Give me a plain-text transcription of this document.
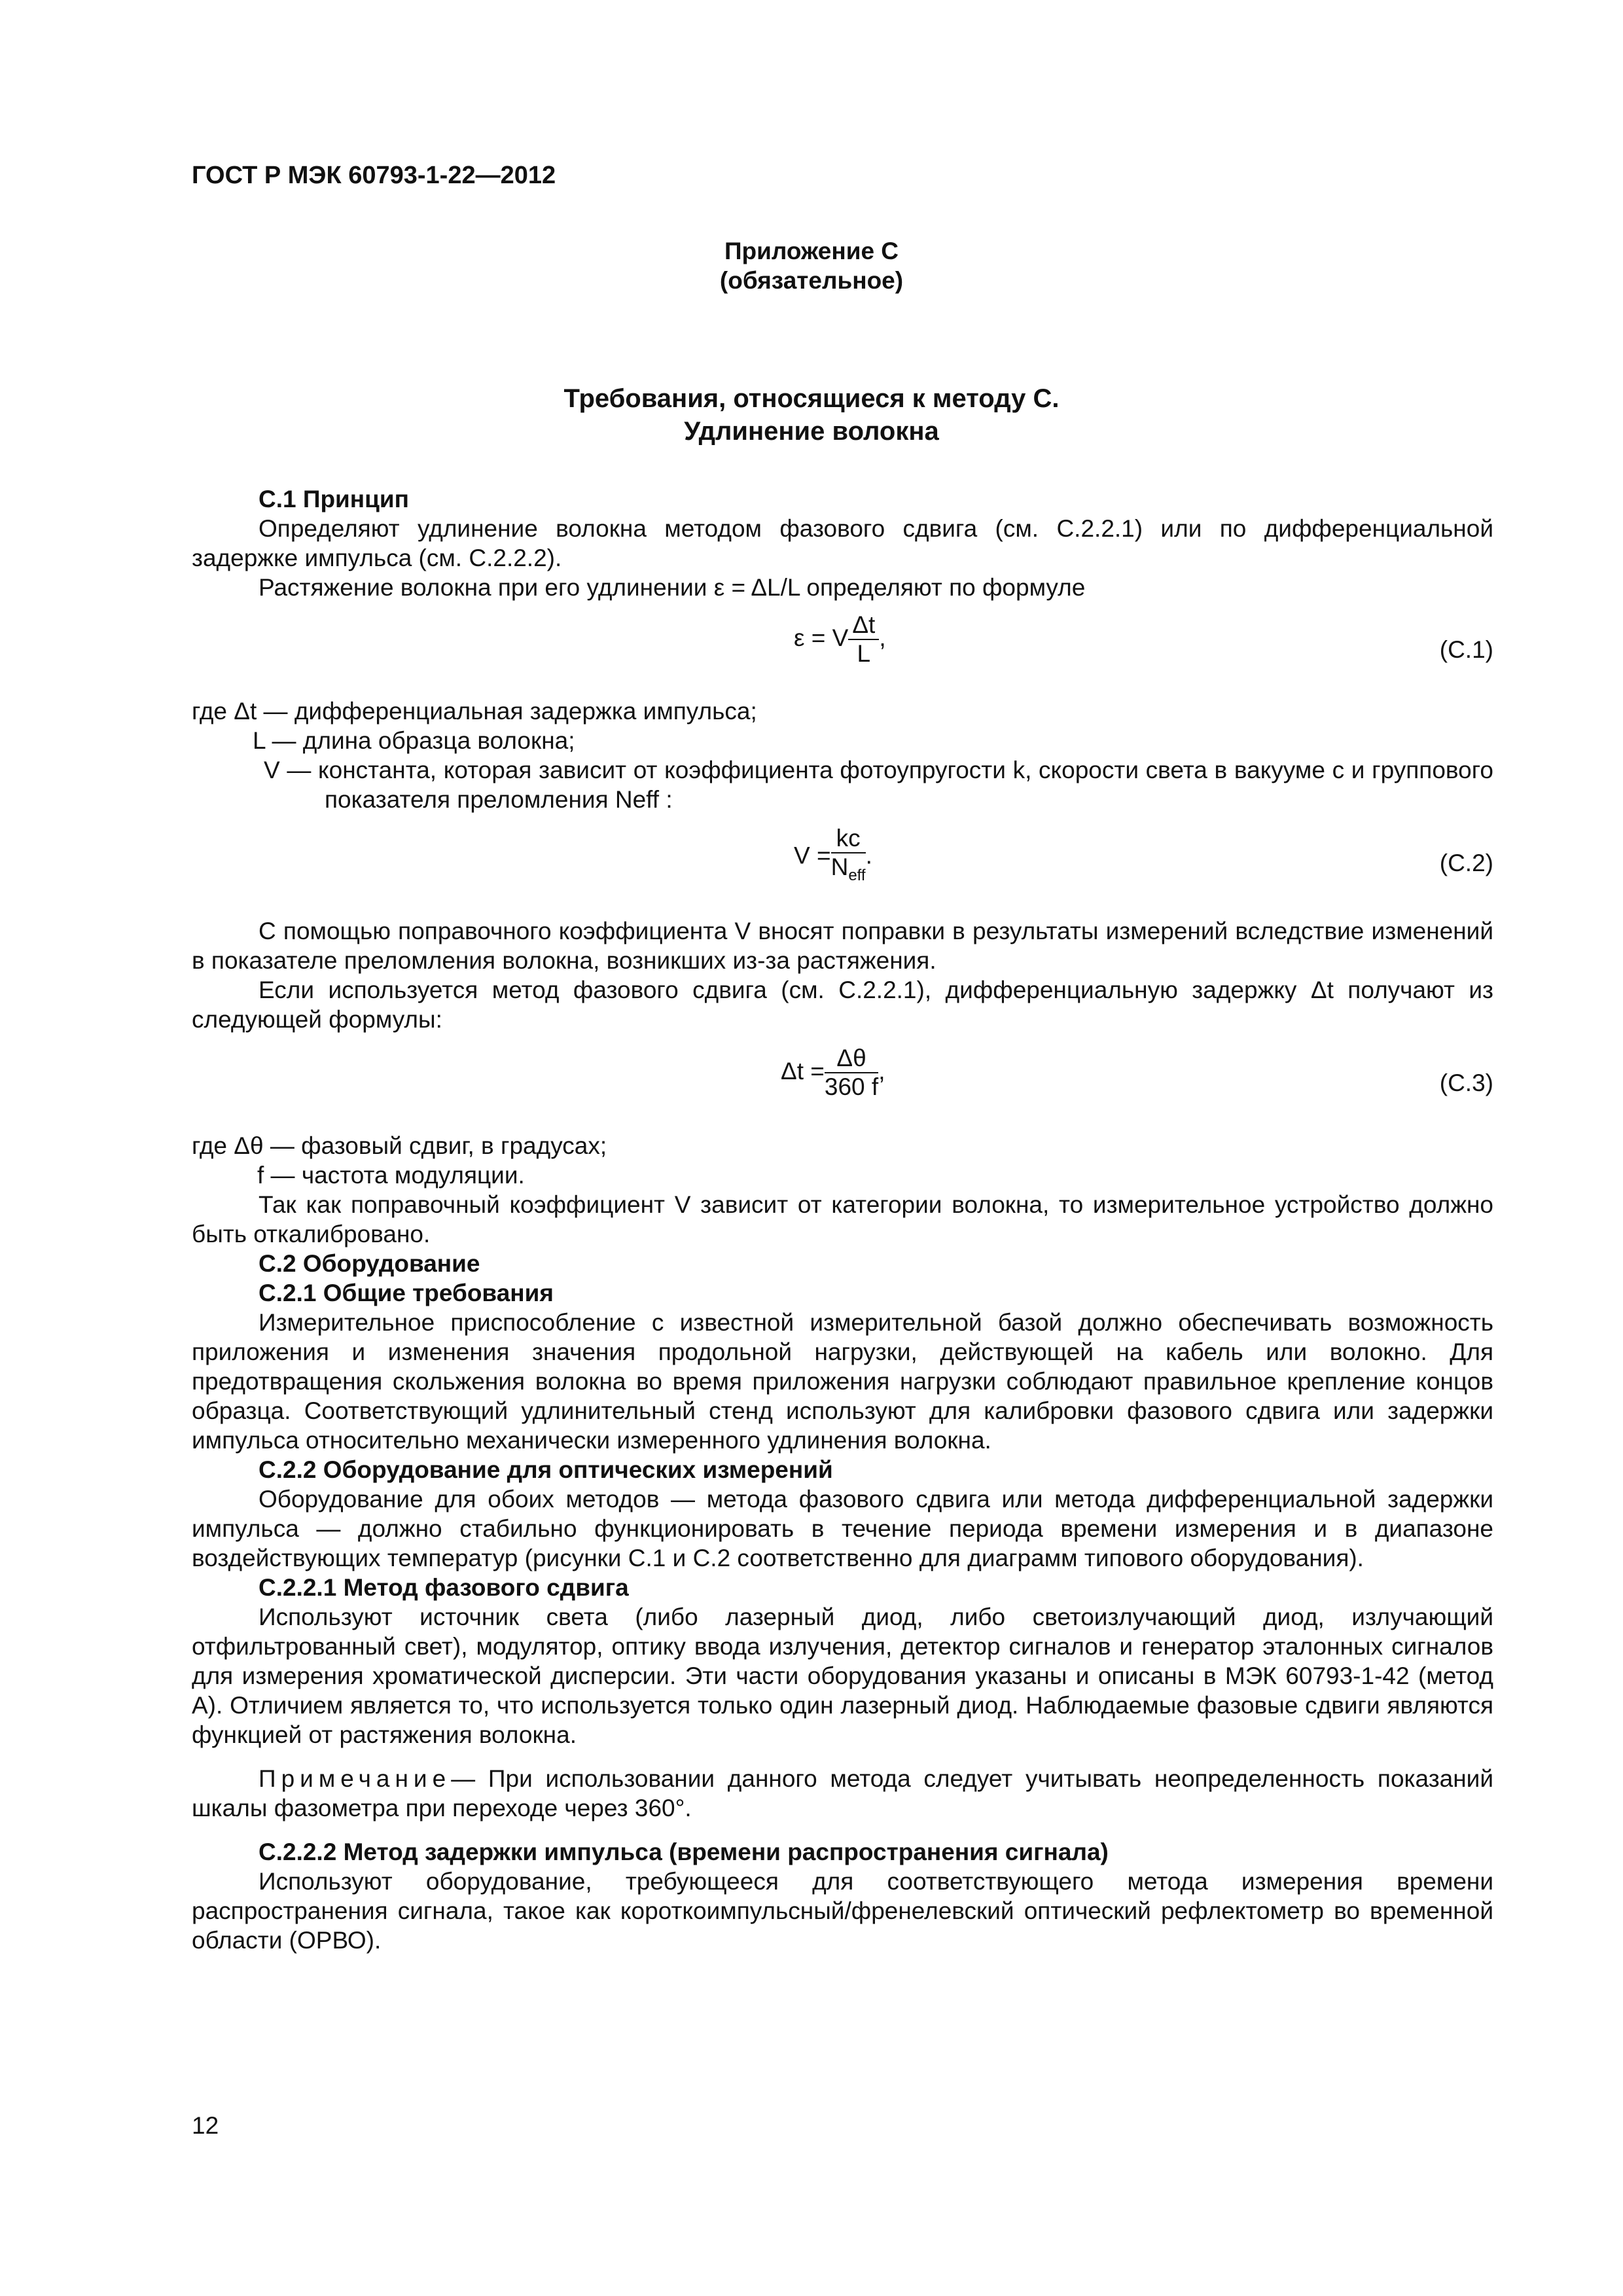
ГОСТ Р МЭК 60793-1-22—2012
Приложение С
(обязательное)
Требования, относящиеся к методу С.
Удлинение волокна

С.1 Принцип

Определяют удлинение волокна методом фазового сдвига (см. С.2.2.1) или по дифференциальной задержке импульса (см. С.2.2.2).

Растяжение волокна при его удлинении ε = ΔL/L определяют по формуле

ε = V $\frac{\Delta t}{L}$ ,	(С.1)

где Δt — дифференциальная задержка импульса;

L — длина образца волокна;

V — константа, которая зависит от коэффициента фотоупругости k, скорости света в вакууме c и группового показателя преломления Neff :

$V = \frac{kc}{N_{eff}}$ .	(С.2)

С помощью поправочного коэффициента V вносят поправки в результаты измерений вследствие изменений в показателе преломления волокна, возникших из-за растяжения.

Если используется метод фазового сдвига (см. С.2.2.1), дифференциальную задержку Δt получают из следующей формулы:

$\Delta t = \frac{\Delta\theta}{360 f}$ ,	(С.3)

где Δθ — фазовый сдвиг, в градусах;

f — частота модуляции.

Так как поправочный коэффициент V зависит от категории волокна, то измерительное устройство должно быть откалибровано.

С.2 Оборудование

С.2.1 Общие требования

Измерительное приспособление с известной измерительной базой должно обеспечивать возможность приложения и изменения значения продольной нагрузки, действующей на кабель или волокно. Для предотвращения скольжения волокна во время приложения нагрузки соблюдают правильное крепление концов образца. Соответствующий удлинительный стенд используют для калибровки фазового сдвига или задержки импульса относительно механически измеренного удлинения волокна.

С.2.2 Оборудование для оптических измерений

Оборудование для обоих методов — метода фазового сдвига или метода дифференциальной задержки импульса — должно стабильно функционировать в течение периода времени измерения и в диапазоне воздействующих температур (рисунки С.1 и С.2 соответственно для диаграмм типового оборудования).

С.2.2.1 Метод фазового сдвига

Используют источник света (либо лазерный диод, либо светоизлучающий диод, излучающий отфильтрованный свет), модулятор, оптику ввода излучения, детектор сигналов и генератор эталонных сигналов для измерения хроматической дисперсии. Эти части оборудования указаны и описаны в МЭК 60793-1-42 (метод А). Отличием является то, что используется только один лазерный диод. Наблюдаемые фазовые сдвиги являются функцией от растяжения волокна.

Примечание— При использовании данного метода следует учитывать неопределенность показаний шкалы фазометра при переходе через 360°.

С.2.2.2 Метод задержки импульса (времени распространения сигнала)

Используют оборудование, требующееся для соответствующего метода измерения времени распространения сигнала, такое как короткоимпульсный/френелевский оптический рефлектометр во временной области (ОРВО).

12
